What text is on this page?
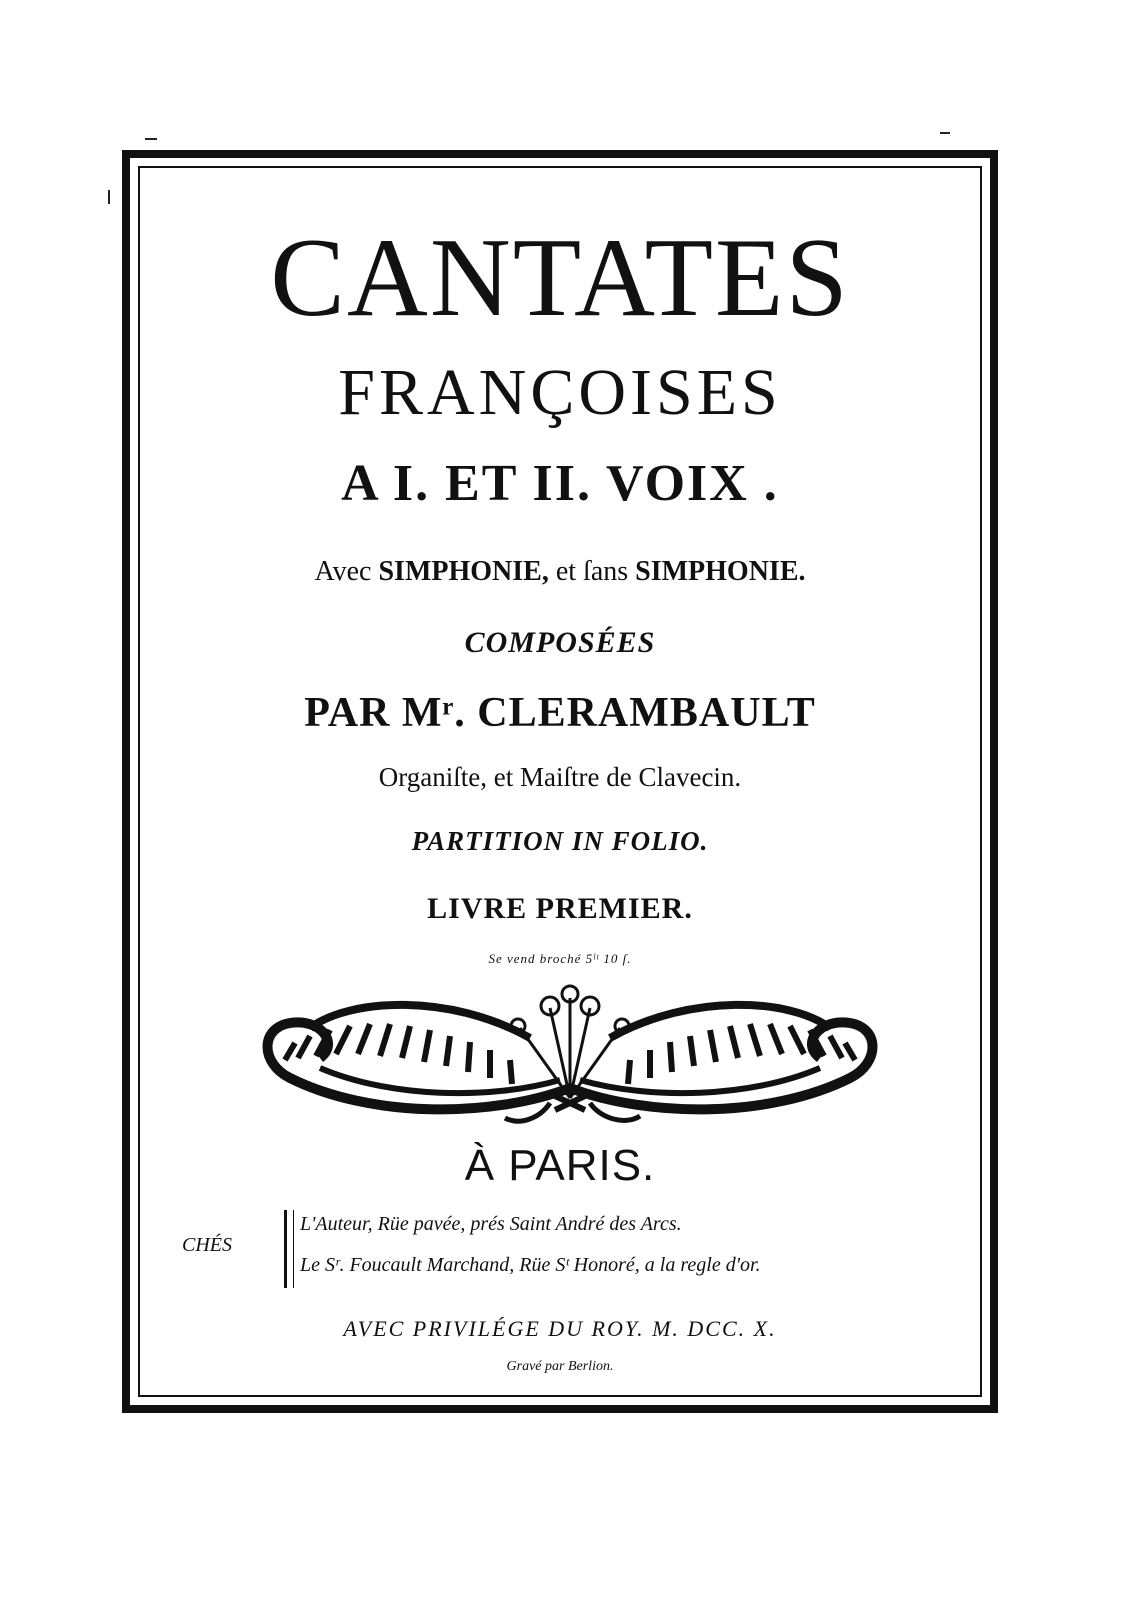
CANTATES
FRANÇOISES
A I. ET II. VOIX .
Avec SIMPHONIE, et ſans SIMPHONIE.
COMPOSÉES
PAR Mʳ. CLERAMBAULT
Organiſte, et Maiſtre de Clavecin.
PARTITION IN FOLIO.
LIVRE PREMIER.
Se vend broché 5ˡᵗ 10 ſ.
À PARIS.
CHÉS
L'Auteur, Rüe pavée, prés Saint André des Arcs.
Le Sʳ. Foucault Marchand, Rüe Sᵗ Honoré, a la regle d'or.
AVEC PRIVILÉGE DU ROY. M. DCC. X.
Gravé par Berlion.
